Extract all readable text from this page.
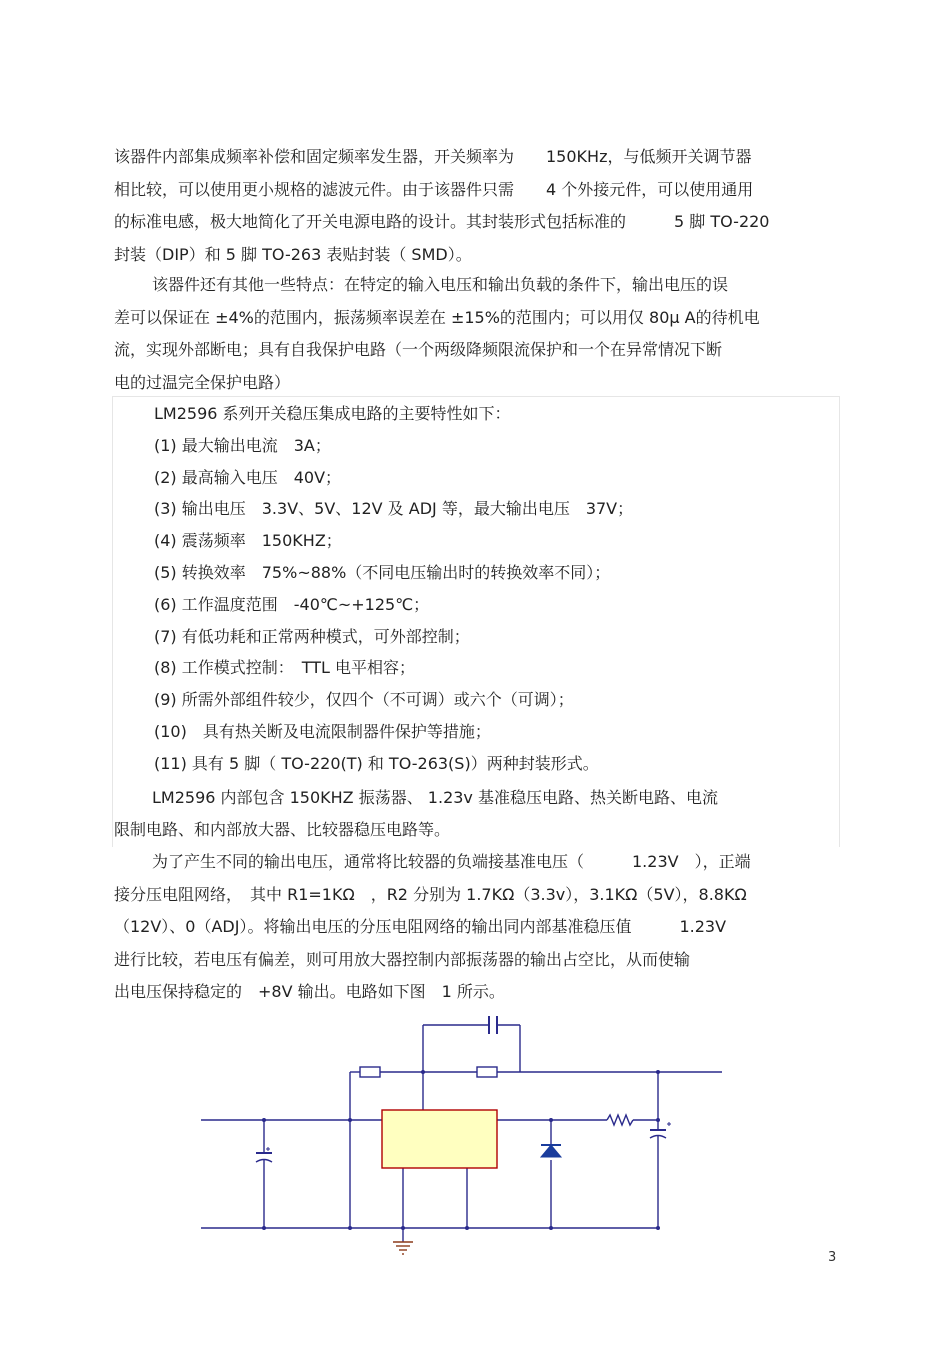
该器件内部集成频率补偿和固定频率发生器，开关频率为　　150KHz，与低频开关调节器

相比较，可以使用更小规格的滤波元件。由于该器件只需　　4 个外接元件，可以使用通用

的标准电感，极大地简化了开关电源电路的设计。其封装形式包括标准的　　　5 脚 TO-220

封装（DIP）和 5 脚 TO-263 表贴封装（ SMD）。

该器件还有其他一些特点：在特定的输入电压和输出负载的条件下，输出电压的误

差可以保证在 ±4%的范围内，振荡频率误差在 ±15%的范围内；可以用仅 80μ A的待机电

流，实现外部断电；具有自我保护电路（一个两级降频限流保护和一个在异常情况下断

电的过温完全保护电路）

LM2596 系列开关稳压集成电路的主要特性如下：

(1) 最大输出电流　3A；

(2) 最高输入电压　40V；

(3) 输出电压　3.3V、5V、12V 及 ADJ 等，最大输出电压　37V；

(4) 震荡频率　150KHZ；

(5) 转换效率　75%~88%（不同电压输出时的转换效率不同）；

(6) 工作温度范围　-40℃~+125℃；

(7) 有低功耗和正常两种模式，可外部控制；

(8) 工作模式控制：　TTL 电平相容；

(9) 所需外部组件较少，仅四个（不可调）或六个（可调）；

(10)　具有热关断及电流限制器件保护等措施；

(11) 具有 5 脚（ TO-220(T) 和 TO-263(S)）两种封装形式。

LM2596 内部包含 150KHZ 振荡器、 1.23v 基准稳压电路、热关断电路、电流

限制电路、和内部放大器、比较器稳压电路等。

为了产生不同的输出电压，通常将比较器的负端接基准电压（　　　1.23V　），正端

接分压电阻网络，　其中 R1=1KΩ　，R2 分别为 1.7KΩ（3.3v），3.1KΩ（5V），8.8KΩ

（12V）、0（ADJ）。将输出电压的分压电阻网络的输出同内部基准稳压值　　　1.23V

进行比较，若电压有偏差，则可用放大器控制内部振荡器的输出占空比，从而使输

出电压保持稳定的　+8V 输出。电路如下图　1 所示。

3
